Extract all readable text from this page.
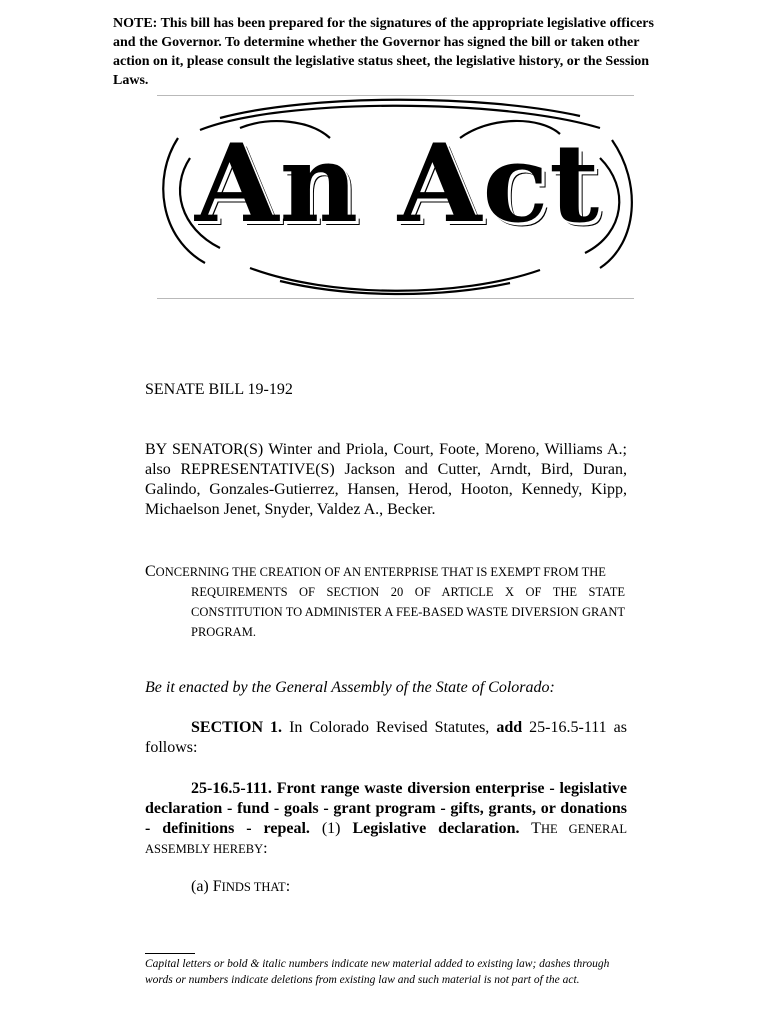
NOTE: This bill has been prepared for the signatures of the appropriate legislative officers and the Governor. To determine whether the Governor has signed the bill or taken other action on it, please consult the legislative status sheet, the legislative history, or the Session Laws.
An Act
SENATE BILL 19-192
BY SENATOR(S) Winter and Priola, Court, Foote, Moreno, Williams A.; also REPRESENTATIVE(S) Jackson and Cutter, Arndt, Bird, Duran, Galindo, Gonzales-Gutierrez, Hansen, Herod, Hooton, Kennedy, Kipp, Michaelson Jenet, Snyder, Valdez A., Becker.
CONCERNING THE CREATION OF AN ENTERPRISE THAT IS EXEMPT FROM THE
REQUIREMENTS OF SECTION 20 OF ARTICLE X OF THE STATE CONSTITUTION TO ADMINISTER A FEE-BASED WASTE DIVERSION GRANT PROGRAM.
Be it enacted by the General Assembly of the State of Colorado:
SECTION 1. In Colorado Revised Statutes, add 25-16.5-111 as follows:
25-16.5-111. Front range waste diversion enterprise - legislative declaration - fund - goals - grant program - gifts, grants, or donations - definitions - repeal. (1) Legislative declaration. THE GENERAL ASSEMBLY HEREBY:
(a) FINDS THAT:
Capital letters or bold & italic numbers indicate new material added to existing law; dashes through words or numbers indicate deletions from existing law and such material is not part of the act.
